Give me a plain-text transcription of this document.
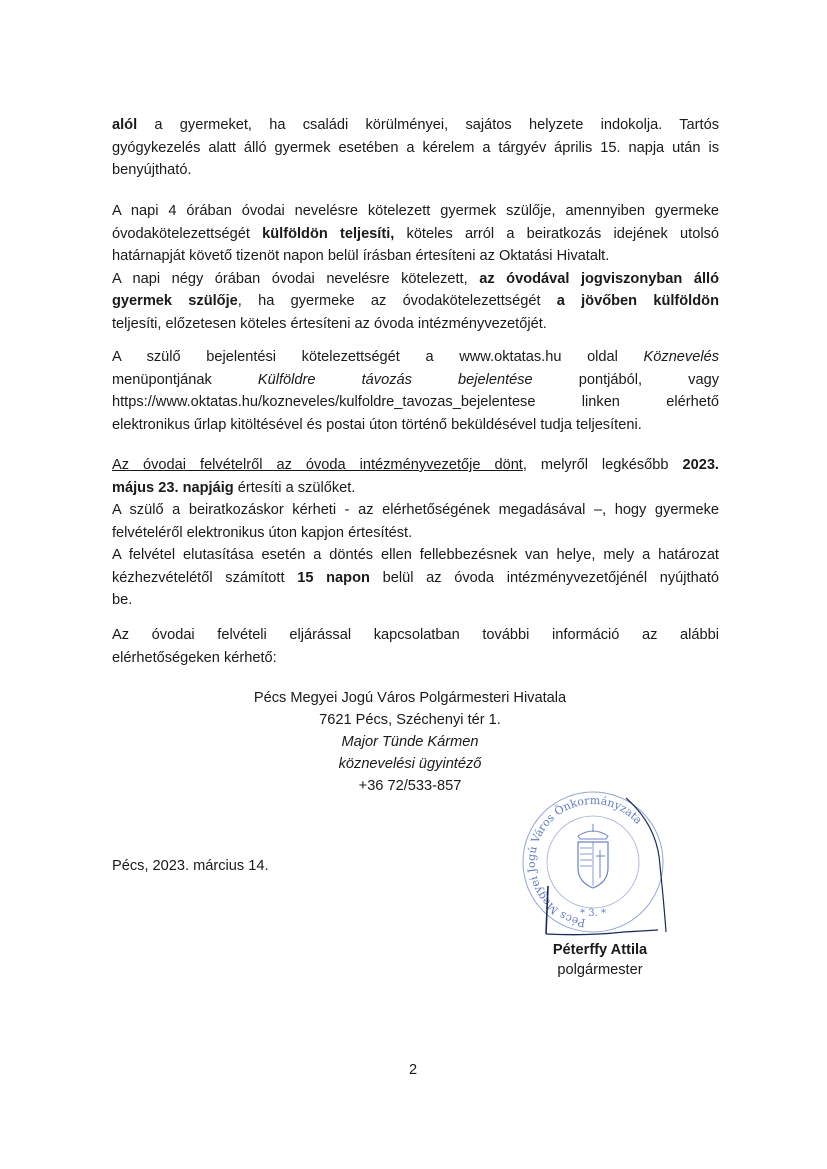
alól a gyermeket, ha családi körülményei, sajátos helyzete indokolja. Tartós
gyógykezelés alatt álló gyermek esetében a kérelem a tárgyév április 15. napja után is
benyújtható.
A napi 4 órában óvodai nevelésre kötelezett gyermek szülője, amennyiben gyermeke
óvodakötelezettségét külföldön teljesíti, köteles arról a beiratkozás idejének utolsó
határnapját követő tizenöt napon belül írásban értesíteni az Oktatási Hivatalt.
A napi négy órában óvodai nevelésre kötelezett, az óvodával jogviszonyban álló
gyermek szülője, ha gyermeke az óvodakötelezettségét a jövőben külföldön
teljesíti, előzetesen köteles értesíteni az óvoda intézményvezetőjét.
A szülő bejelentési kötelezettségét a www.oktatas.hu oldal Köznevelés
menüpontjának Külföldre távozás bejelentése pontjából, vagy
https://www.oktatas.hu/kozneveles/kulfoldre_tavozas_bejelentese linken elérhető
elektronikus űrlap kitöltésével és postai úton történő beküldésével tudja teljesíteni.
Az óvodai felvételről az óvoda intézményvezetője dönt, melyről legkésőbb 2023.
május 23. napjáig értesíti a szülőket.
A szülő a beiratkozáskor kérheti - az elérhetőségének megadásával –, hogy gyermeke
felvételéről elektronikus úton kapjon értesítést.
A felvétel elutasítása esetén a döntés ellen fellebbezésnek van helye, mely a határozat
kézhezvételétől számított 15 napon belül az óvoda intézményvezetőjénél nyújtható
be.
Az óvodai felvételi eljárással kapcsolatban további információ az alábbi
elérhetőségeken kérhető:
Pécs Megyei Jogú Város Polgármesteri Hivatala
7621 Pécs, Széchenyi tér 1.
Major Tünde Kármen
köznevelési ügyintéző
+36 72/533-857
Pécs, 2023. március 14.
Pécs Megyei Jogú Város Önkormányzata
* 3. *
Péterffy Attila
polgármester
2
